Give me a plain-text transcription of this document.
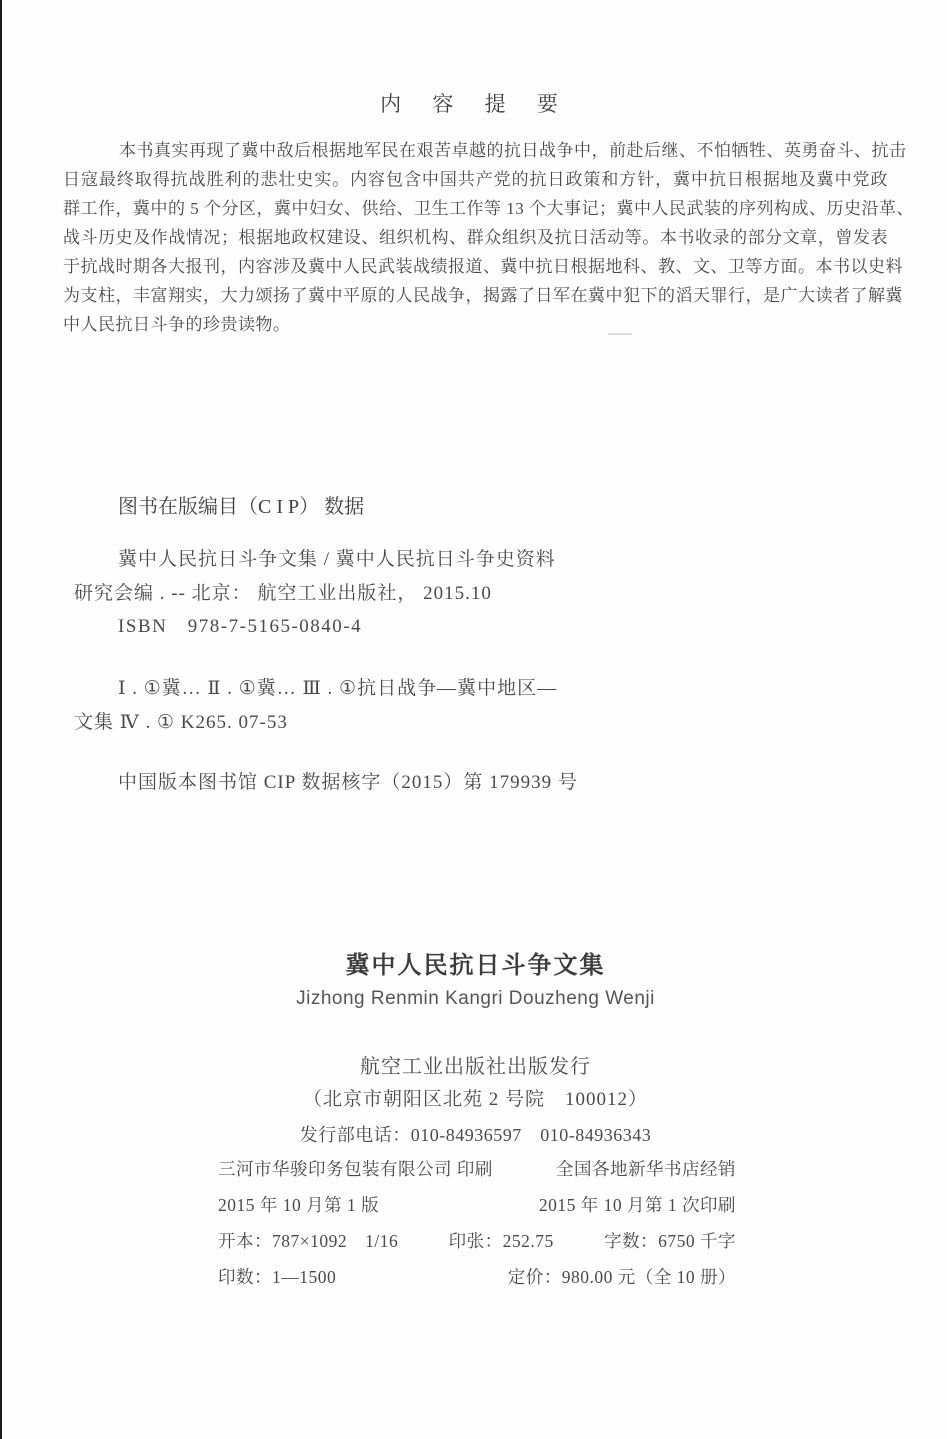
内 容 提 要
本书真实再现了冀中敌后根据地军民在艰苦卓越的抗日战争中，前赴后继、不怕牺牲、英勇奋斗、抗击
日寇最终取得抗战胜利的悲壮史实。内容包含中国共产党的抗日政策和方针，冀中抗日根据地及冀中党政
群工作，冀中的 5 个分区，冀中妇女、供给、卫生工作等 13 个大事记；冀中人民武装的序列构成、历史沿革、
战斗历史及作战情况；根据地政权建设、组织机构、群众组织及抗日活动等。本书收录的部分文章，曾发表
于抗战时期各大报刊，内容涉及冀中人民武装战绩报道、冀中抗日根据地科、教、文、卫等方面。本书以史料
为支柱，丰富翔实，大力颂扬了冀中平原的人民战争，揭露了日军在冀中犯下的滔天罪行，是广大读者了解冀
中人民抗日斗争的珍贵读物。
图书在版编目（C I P） 数据
冀中人民抗日斗争文集 / 冀中人民抗日斗争史资料
研究会编 . -- 北京： 航空工业出版社， 2015.10
ISBN　978-7-5165-0840-4
Ⅰ . ①冀… Ⅱ . ①冀… Ⅲ . ①抗日战争—冀中地区—
文集 Ⅳ . ① K265. 07-53
中国版本图书馆 CIP 数据核字（2015）第 179939 号
冀中人民抗日斗争文集
Jizhong Renmin Kangri Douzheng Wenji
航空工业出版社出版发行
（北京市朝阳区北苑 2 号院　100012）
发行部电话：010-84936597　010-84936343
三河市华骏印务包装有限公司 印刷	全国各地新华书店经销
2015 年 10 月第 1 版	2015 年 10 月第 1 次印刷
开本：787×1092　1/16	印张：252.75	字数：6750 千字
印数：1—1500	定价：980.00 元（全 10 册）
